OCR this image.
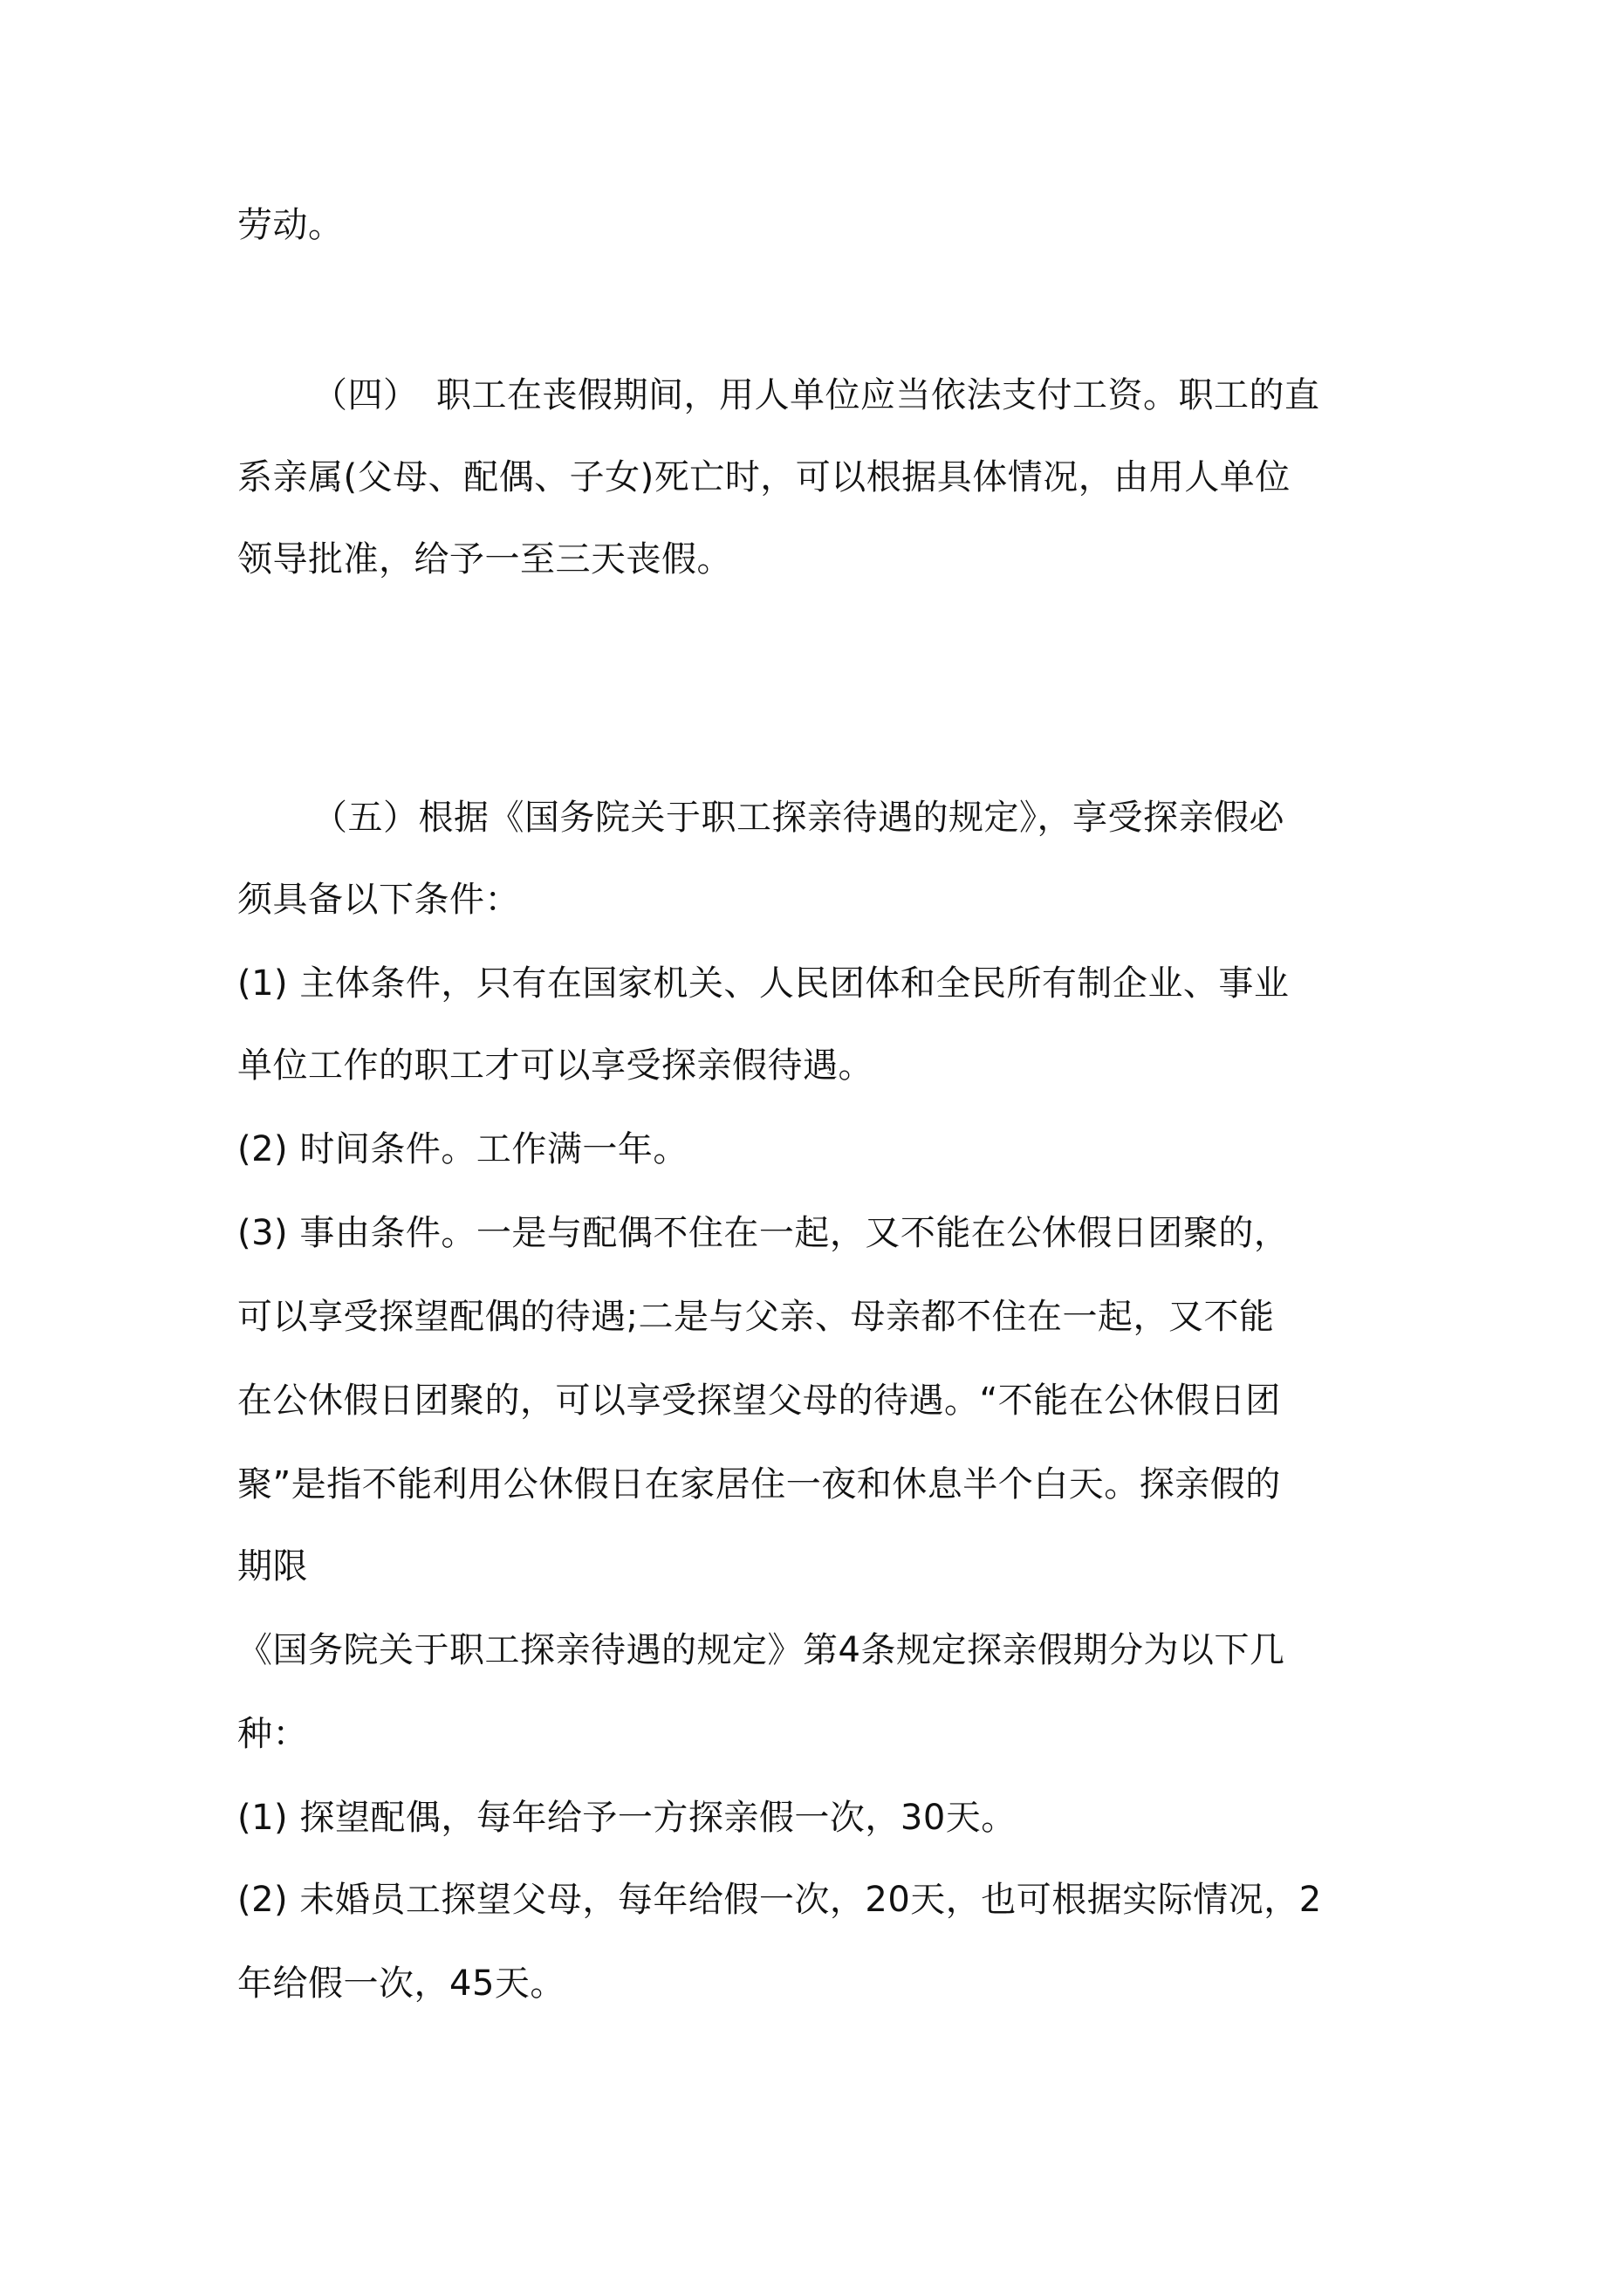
劳动。
（四）　职工在丧假期间，用人单位应当依法支付工资。职工的直
系亲属(父母、配偶、子女)死亡时，可以根据具体情况，由用人单位
领导批准，给予一至三天丧假。
（五）根据《国务院关于职工探亲待遇的规定》，享受探亲假必
须具备以下条件：
(1) 主体条件，只有在国家机关、人民团体和全民所有制企业、事业
单位工作的职工才可以享受探亲假待遇。
(2) 时间条件。工作满一年。
(3) 事由条件。一是与配偶不住在一起，又不能在公休假日团聚的，
可以享受探望配偶的待遇;二是与父亲、母亲都不住在一起，又不能
在公休假日团聚的，可以享受探望父母的待遇。“不能在公休假日团
聚”是指不能利用公休假日在家居住一夜和休息半个白天。探亲假的
期限
《国务院关于职工探亲待遇的规定》第4条规定探亲假期分为以下几
种：
(1) 探望配偶，每年给予一方探亲假一次，30天。
(2) 未婚员工探望父母，每年给假一次，20天，也可根据实际情况，2
年给假一次，45天。
